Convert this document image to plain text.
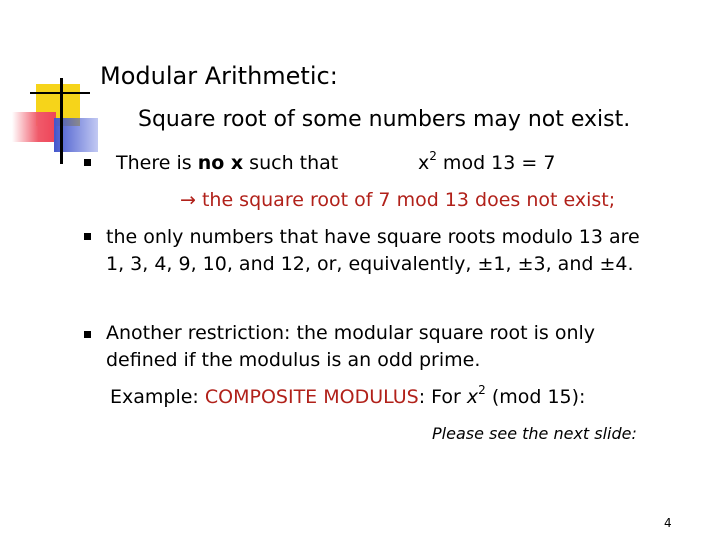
Modular Arithmetic:
Square root of some numbers may not exist.
There is no x such that	$x^2$ mod 13 = 7
→ the square root of 7 mod 13 does not exist;
the only numbers that have square roots modulo 13 are
1, 3, 4, 9, 10, and 12, or, equivalently, ±1, ±3, and ±4.
Another restriction: the modular square root is only
defined if the modulus is an odd prime.
Example: COMPOSITE MODULUS: For $x^2$ (mod 15):
Please see the next slide:
4
